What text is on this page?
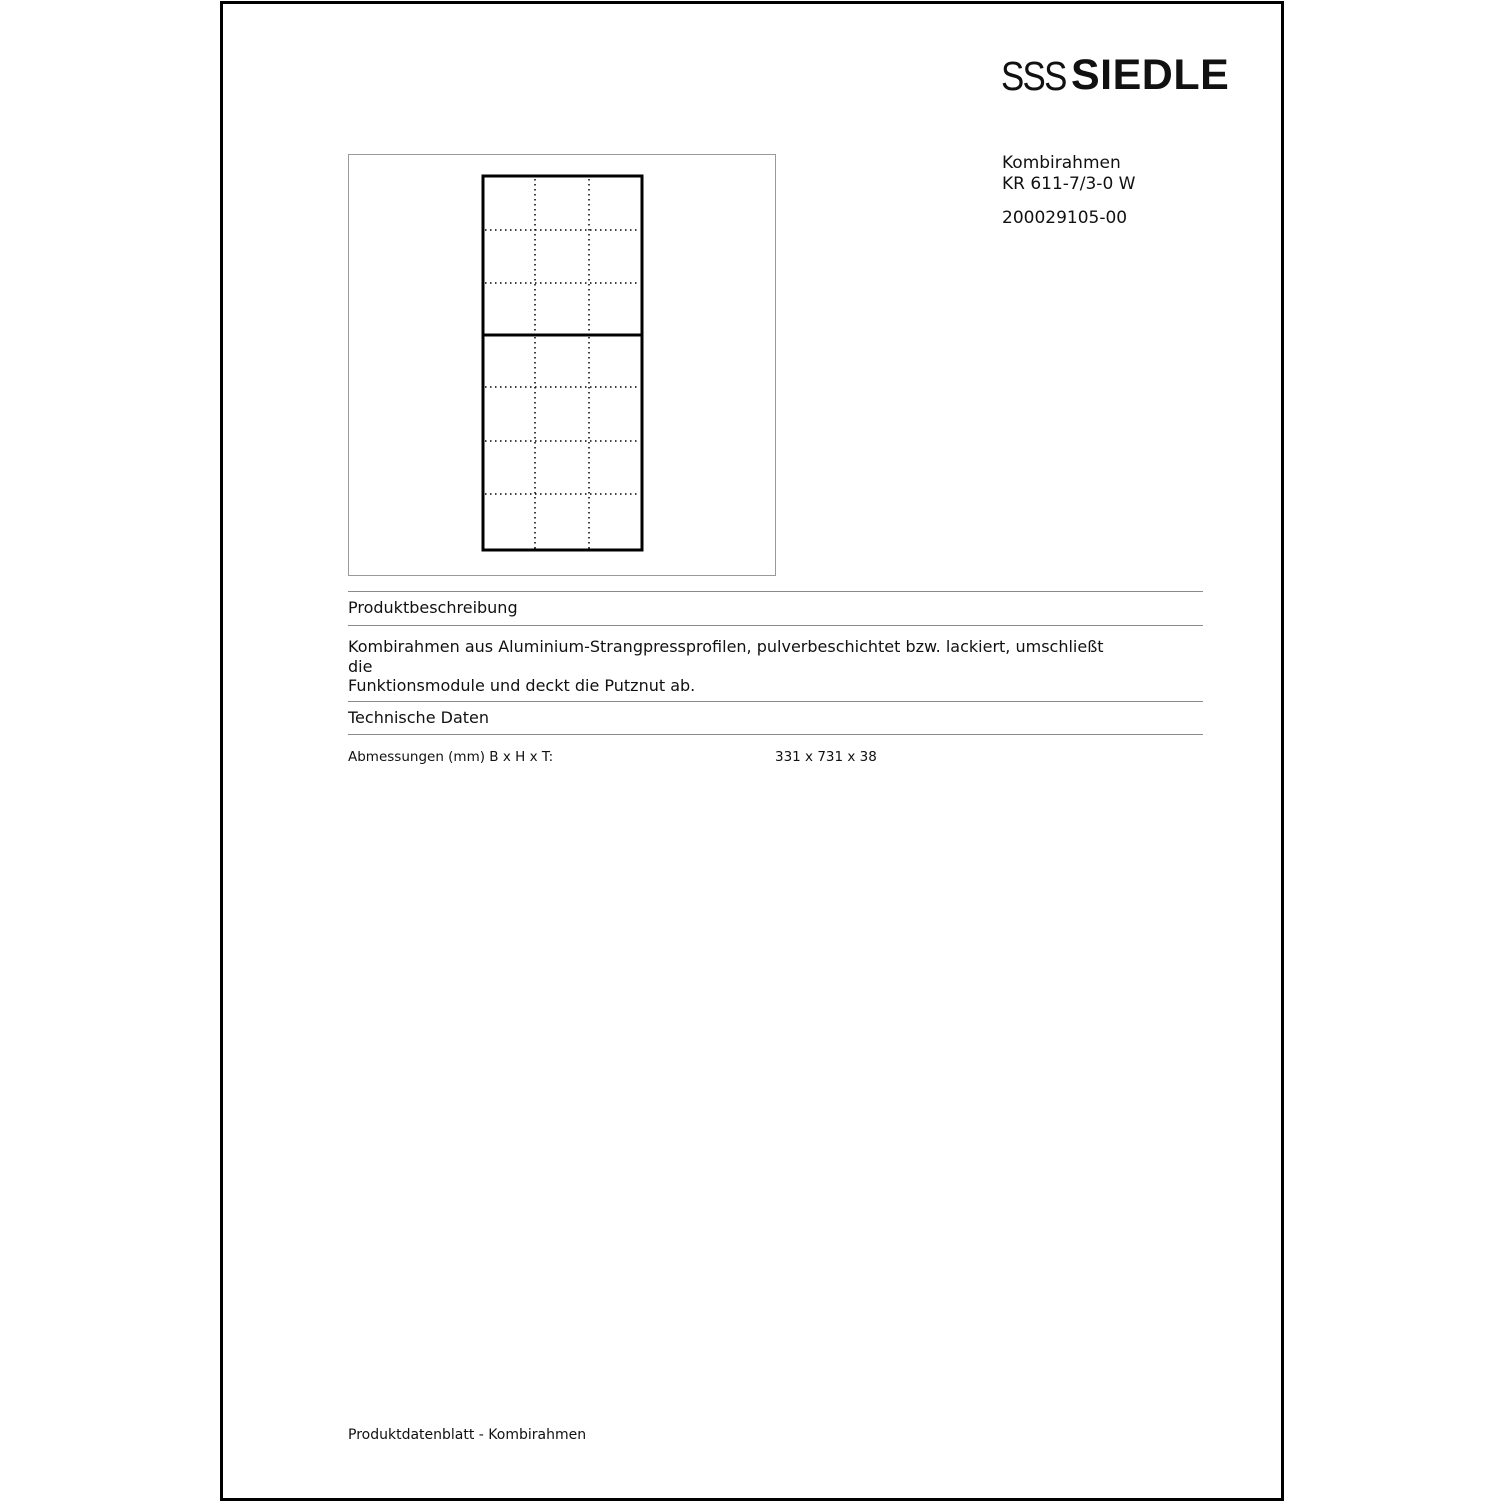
SSS SIEDLE
Kombirahmen
KR 611-7/3-0 W
200029105-00
Produktbeschreibung
Kombirahmen aus Aluminium-Strangpressprofilen, pulverbeschichtet bzw. lackiert, umschließt die
Funktionsmodule und deckt die Putznut ab.
Technische Daten
Abmessungen (mm) B x H x T:	331 x 731 x 38
Produktdatenblatt - Kombirahmen
